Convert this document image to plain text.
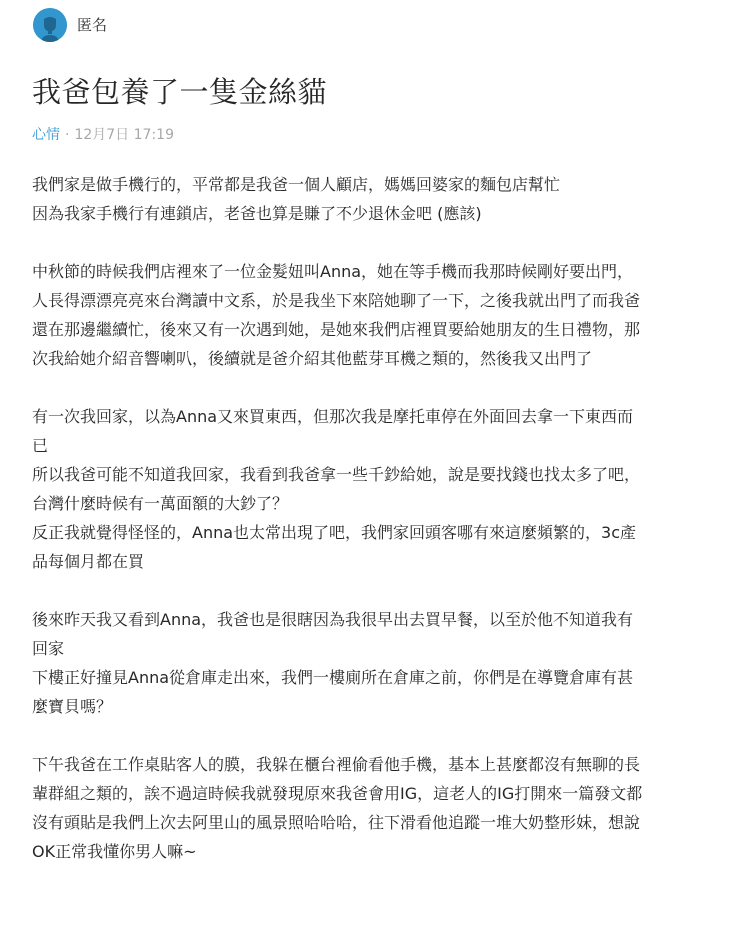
匿名
我爸包養了一隻金絲貓
心情 · 12月7日 17:19
我們家是做手機行的，平常都是我爸一個人顧店，媽媽回婆家的麵包店幫忙
因為我家手機行有連鎖店，老爸也算是賺了不少退休金吧 (應該)
中秋節的時候我們店裡來了一位金髮妞叫Anna，她在等手機而我那時候剛好要出門，
人長得漂漂亮亮來台灣讀中文系，於是我坐下來陪她聊了一下，之後我就出門了而我爸
還在那邊繼續忙，後來又有一次遇到她，是她來我們店裡買要給她朋友的生日禮物，那
次我給她介紹音響喇叭，後續就是爸介紹其他藍芽耳機之類的，然後我又出門了
有一次我回家，以為Anna又來買東西，但那次我是摩托車停在外面回去拿一下東西而
已
所以我爸可能不知道我回家，我看到我爸拿一些千鈔給她，說是要找錢也找太多了吧，
台灣什麼時候有一萬面額的大鈔了？
反正我就覺得怪怪的，Anna也太常出現了吧，我們家回頭客哪有來這麼頻繁的，3c產
品每個月都在買
後來昨天我又看到Anna，我爸也是很瞎因為我很早出去買早餐，以至於他不知道我有
回家
下樓正好撞見Anna從倉庫走出來，我們一樓廁所在倉庫之前，你們是在導覽倉庫有甚
麼寶貝嗎？
下午我爸在工作桌貼客人的膜，我躲在櫃台裡偷看他手機，基本上甚麼都沒有無聊的長
輩群組之類的，誒不過這時候我就發現原來我爸會用IG，這老人的IG打開來一篇發文都
沒有頭貼是我們上次去阿里山的風景照哈哈哈，往下滑看他追蹤一堆大奶整形妹，想說
OK正常我懂你男人嘛~
